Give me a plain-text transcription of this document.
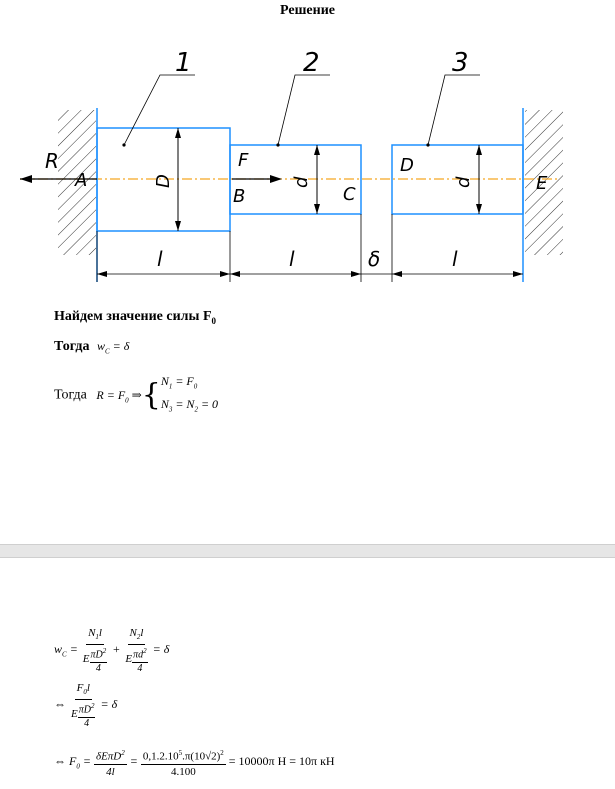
Решение
1	2	3
R
A
F
B	C
E
D
D	d	d
l	l	δ	l
Найдем значение силы $F_0$
Тогда $w_C = \delta$
Тогда $R = F_0$ $\Rightarrow\{N_1 = F_0$
$N_3 = N_2 = 0$
$w_C = \frac{N_1l}{E \frac{\pi D^2}{4}} + \frac{N_2l}{E \frac{\pi d^2}{4}} = \delta$
⇔ $\frac{F_0l}{E \frac{\pi D^2}{4}} = \delta$
⇔ $F_0 = \frac{\delta E\pi D^2}{4l} = \frac{0,1.2.10^5.\pi(10√2)^2}{4.100} = 10000\pi$ H = 10π кH
